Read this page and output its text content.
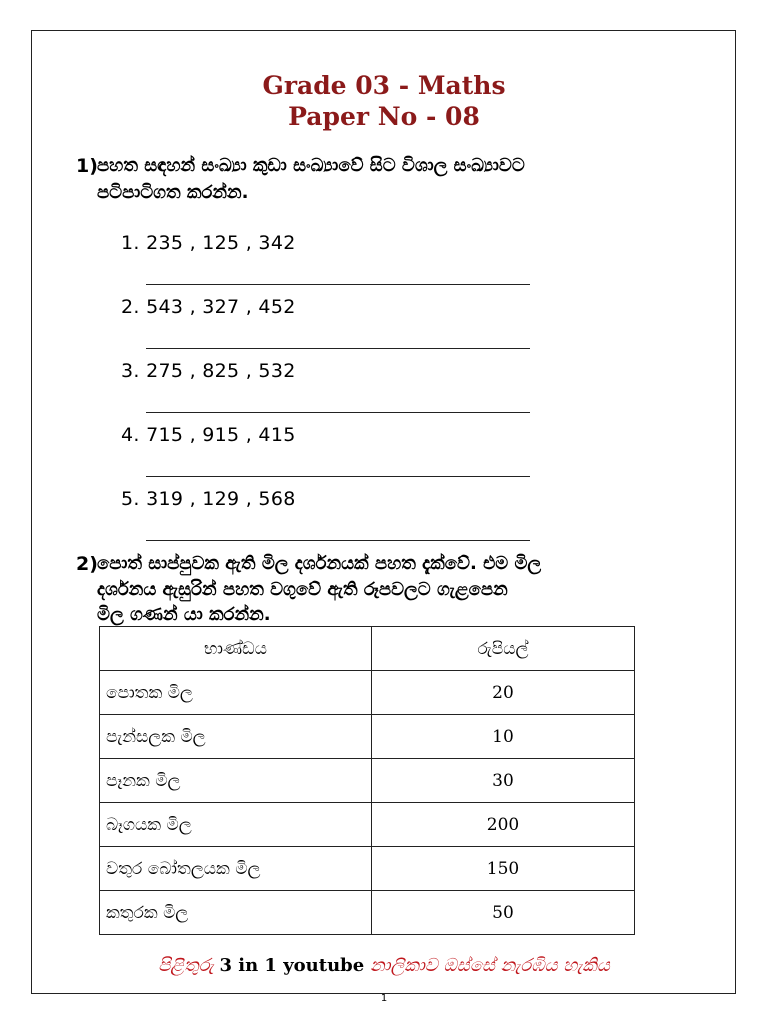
Grade 03 - Maths
Paper No - 08
1) පහත සඳහන් සංඛ්‍යා කුඩා සංඛ්‍යාවේ සිට විශාල සංඛ්‍යාවට
පටිපාටිගත කරන්න.
1. 235 , 125 , 342
2. 543 , 327 , 452
3. 275 , 825 , 532
4. 715 , 915 , 415
5. 319 , 129 , 568
2) පොත් සාප්පුවක ඇති මිල දර්ශනයක් පහත දැක්වේ. එම මිල
දර්ශනය ඇසුරින් පහත වගුවේ ඇති රූපවලට ගැළපෙන
මිල ගණන් යා කරන්න.
භාණ්ඩය	රුපියල්
පොතක මිල	20
පැන්සලක මිල	10
පෑනක මිල	30
බෑගයක මිල	200
වතුර බෝතලයක මිල	150
කතුරක මිල	50
පිළිතුරු 3 in 1 youtube නාලිකාව ඔස්සේ නැරඹිය හැකිය
1
